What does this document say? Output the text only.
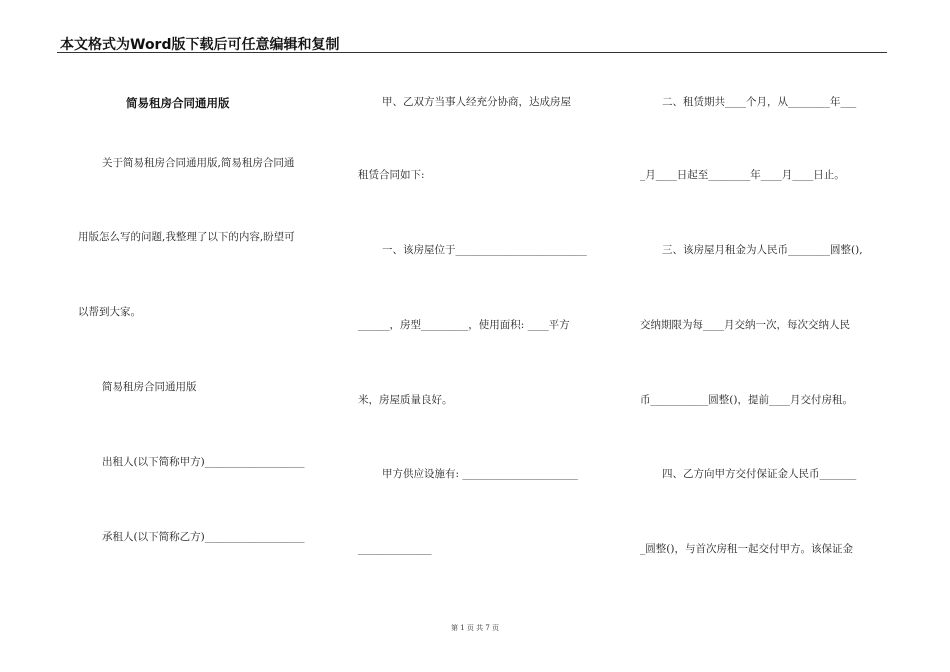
本文格式为Word版下载后可任意编辑和复制
简易租房合同通用版
关于简易租房合同通用版,简易租房合同通
用版怎么写的问题,我整理了以下的内容,盼望可
以帮到大家。
简易租房合同通用版
出租人(以下简称甲方)___________________
承租人(以下简称乙方)___________________
甲、乙双方当事人经充分协商，达成房屋
租赁合同如下:
一、该房屋位于_________________________
______，房型_________，使用面积: ____平方
米，房屋质量良好。
甲方供应设施有: ______________________
______________
二、租赁期共____个月，从________年___
_月____日起至________年____月____日止。
三、该房屋月租金为人民币________圆整(),
交纳期限为每____月交纳一次，每次交纳人民
币___________圆整()，提前____月交付房租。
四、乙方向甲方交付保证金人民币_______
_圆整()，与首次房租一起交付甲方。该保证金
第 1 页 共 7 页
